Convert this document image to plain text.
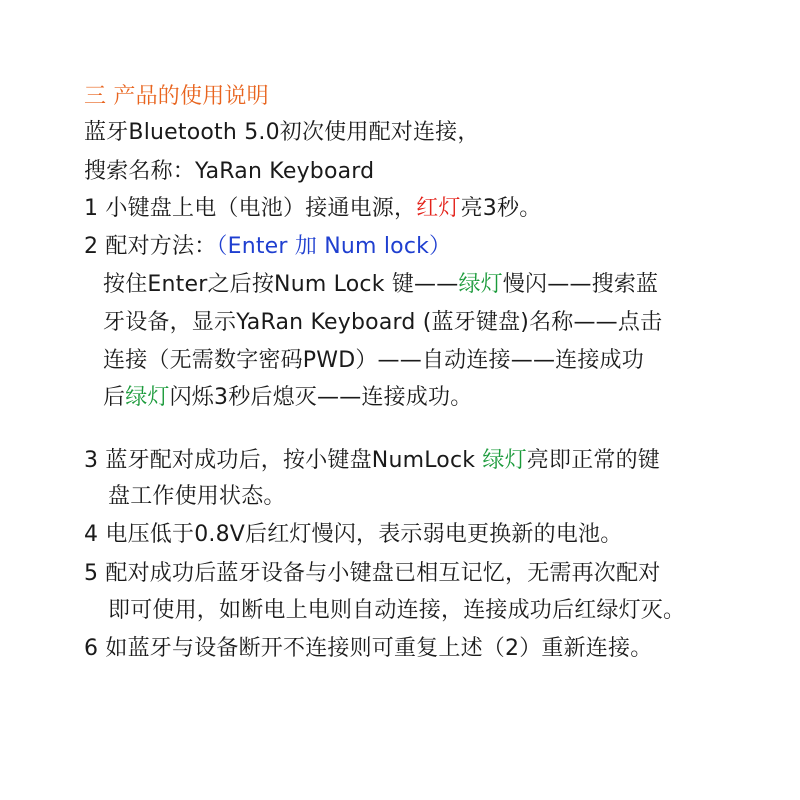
三 产品的使用说明
蓝牙Bluetooth 5.0初次使用配对连接，
搜索名称：YaRan Keyboard
1 小键盘上电（电池）接通电源，红灯亮3秒。
2 配对方法：（Enter 加 Num lock）
按住Enter之后按Num Lock 键——绿灯慢闪——搜索蓝
牙设备，显示YaRan Keyboard (蓝牙键盘)名称——点击
连接（无需数字密码PWD）——自动连接——连接成功
后绿灯闪烁3秒后熄灭——连接成功。
3 蓝牙配对成功后，按小键盘NumLock 绿灯亮即正常的键
盘工作使用状态。
4 电压低于0.8V后红灯慢闪，表示弱电更换新的电池。
5 配对成功后蓝牙设备与小键盘已相互记忆，无需再次配对
即可使用，如断电上电则自动连接，连接成功后红绿灯灭。
6 如蓝牙与设备断开不连接则可重复上述（2）重新连接。
